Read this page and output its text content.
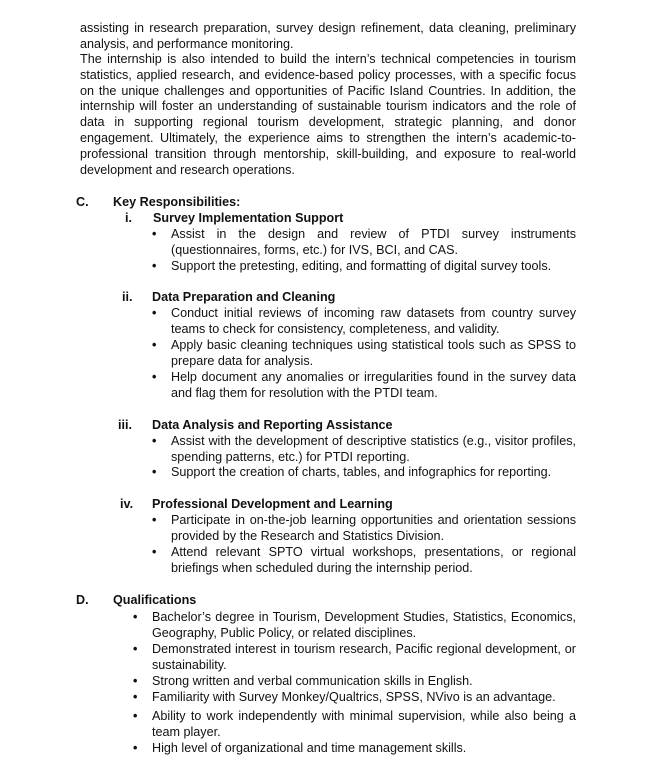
assisting in research preparation, survey design refinement, data cleaning, preliminary analysis, and performance monitoring.

The internship is also intended to build the intern’s technical competencies in tourism statistics, applied research, and evidence-based policy processes, with a specific focus on the unique challenges and opportunities of Pacific Island Countries. In addition, the internship will foster an understanding of sustainable tourism indicators and the role of data in supporting regional tourism development, strategic planning, and donor engagement. Ultimately, the experience aims to strengthen the intern’s academic-to-professional transition through mentorship, skill-building, and exposure to real-world development and research operations.

C. Key Responsibilities:
i. Survey Implementation Support
• Assist in the design and review of PTDI survey instruments (questionnaires, forms, etc.) for IVS, BCI, and CAS.
• Support the pretesting, editing, and formatting of digital survey tools.
ii. Data Preparation and Cleaning
• Conduct initial reviews of incoming raw datasets from country survey teams to check for consistency, completeness, and validity.
• Apply basic cleaning techniques using statistical tools such as SPSS to prepare data for analysis.
• Help document any anomalies or irregularities found in the survey data and flag them for resolution with the PTDI team.
iii. Data Analysis and Reporting Assistance
• Assist with the development of descriptive statistics (e.g., visitor profiles, spending patterns, etc.) for PTDI reporting.
• Support the creation of charts, tables, and infographics for reporting.
iv. Professional Development and Learning
• Participate in on-the-job learning opportunities and orientation sessions provided by the Research and Statistics Division.
• Attend relevant SPTO virtual workshops, presentations, or regional briefings when scheduled during the internship period.
D. Qualifications
• Bachelor’s degree in Tourism, Development Studies, Statistics, Economics, Geography, Public Policy, or related disciplines.
• Demonstrated interest in tourism research, Pacific regional development, or sustainability.
• Strong written and verbal communication skills in English.
• Familiarity with Survey Monkey/Qualtrics, SPSS, NVivo is an advantage.
• Ability to work independently with minimal supervision, while also being a team player.
• High level of organizational and time management skills.
